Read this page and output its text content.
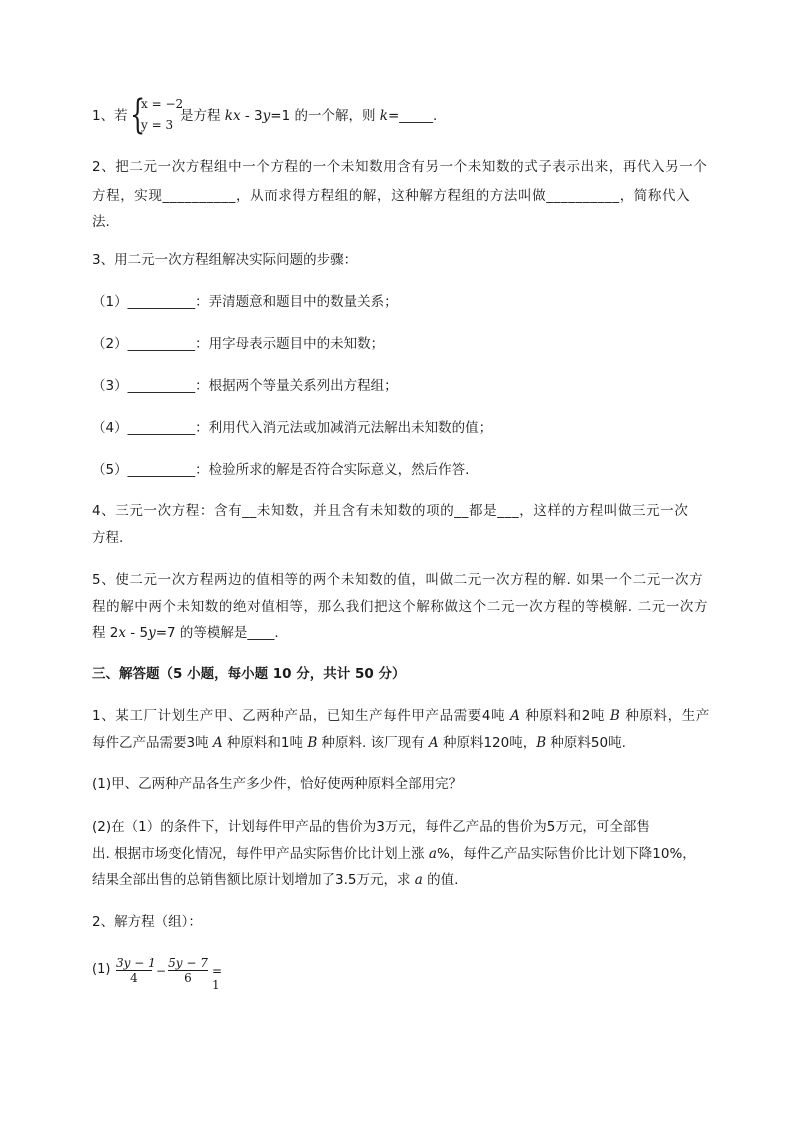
1、若 {
x = −2
y = 3
是方程 kx - 3y=1 的一个解，则 k=_____.
2、把二元一次方程组中一个方程的一个未知数用含有另一个未知数的式子表示出来，再代入另一个
方程，实现__________，从而求得方程组的解，这种解方程组的方法叫做__________，简称代入
法.
3、用二元一次方程组解决实际问题的步骤：
（1）__________：弄清题意和题目中的数量关系；
（2）__________：用字母表示题目中的未知数；
（3）__________：根据两个等量关系列出方程组；
（4）__________：利用代入消元法或加减消元法解出未知数的值；
（5）__________：检验所求的解是否符合实际意义，然后作答.
4、三元一次方程：含有__未知数，并且含有未知数的项的__都是___，这样的方程叫做三元一次
方程.
5、使二元一次方程两边的值相等的两个未知数的值，叫做二元一次方程的解. 如果一个二元一次方
程的解中两个未知数的绝对值相等，那么我们把这个解称做这个二元一次方程的等模解. 二元一次方
程 2x - 5y=7 的等模解是____.
三、解答题（5 小题，每小题 10 分，共计 50 分）
1、某工厂计划生产甲、乙两种产品，已知生产每件甲产品需要4吨 A 种原料和2吨 B 种原料，生产
每件乙产品需要3吨 A 种原料和1吨 B 种原料. 该厂现有 A 种原料120吨，B 种原料50吨.
(1)甲、乙两种产品各生产多少件，恰好使两种原料全部用完？
(2)在（1）的条件下，计划每件甲产品的售价为3万元，每件乙产品的售价为5万元，可全部售
出. 根据市场变化情况，每件甲产品实际售价比计划上涨 a%，每件乙产品实际售价比计划下降10%，
结果全部出售的总销售额比原计划增加了3.5万元，求 a 的值.
2、解方程（组）：
(1) 3y − 1
4	−
5y − 7
6	= 1
